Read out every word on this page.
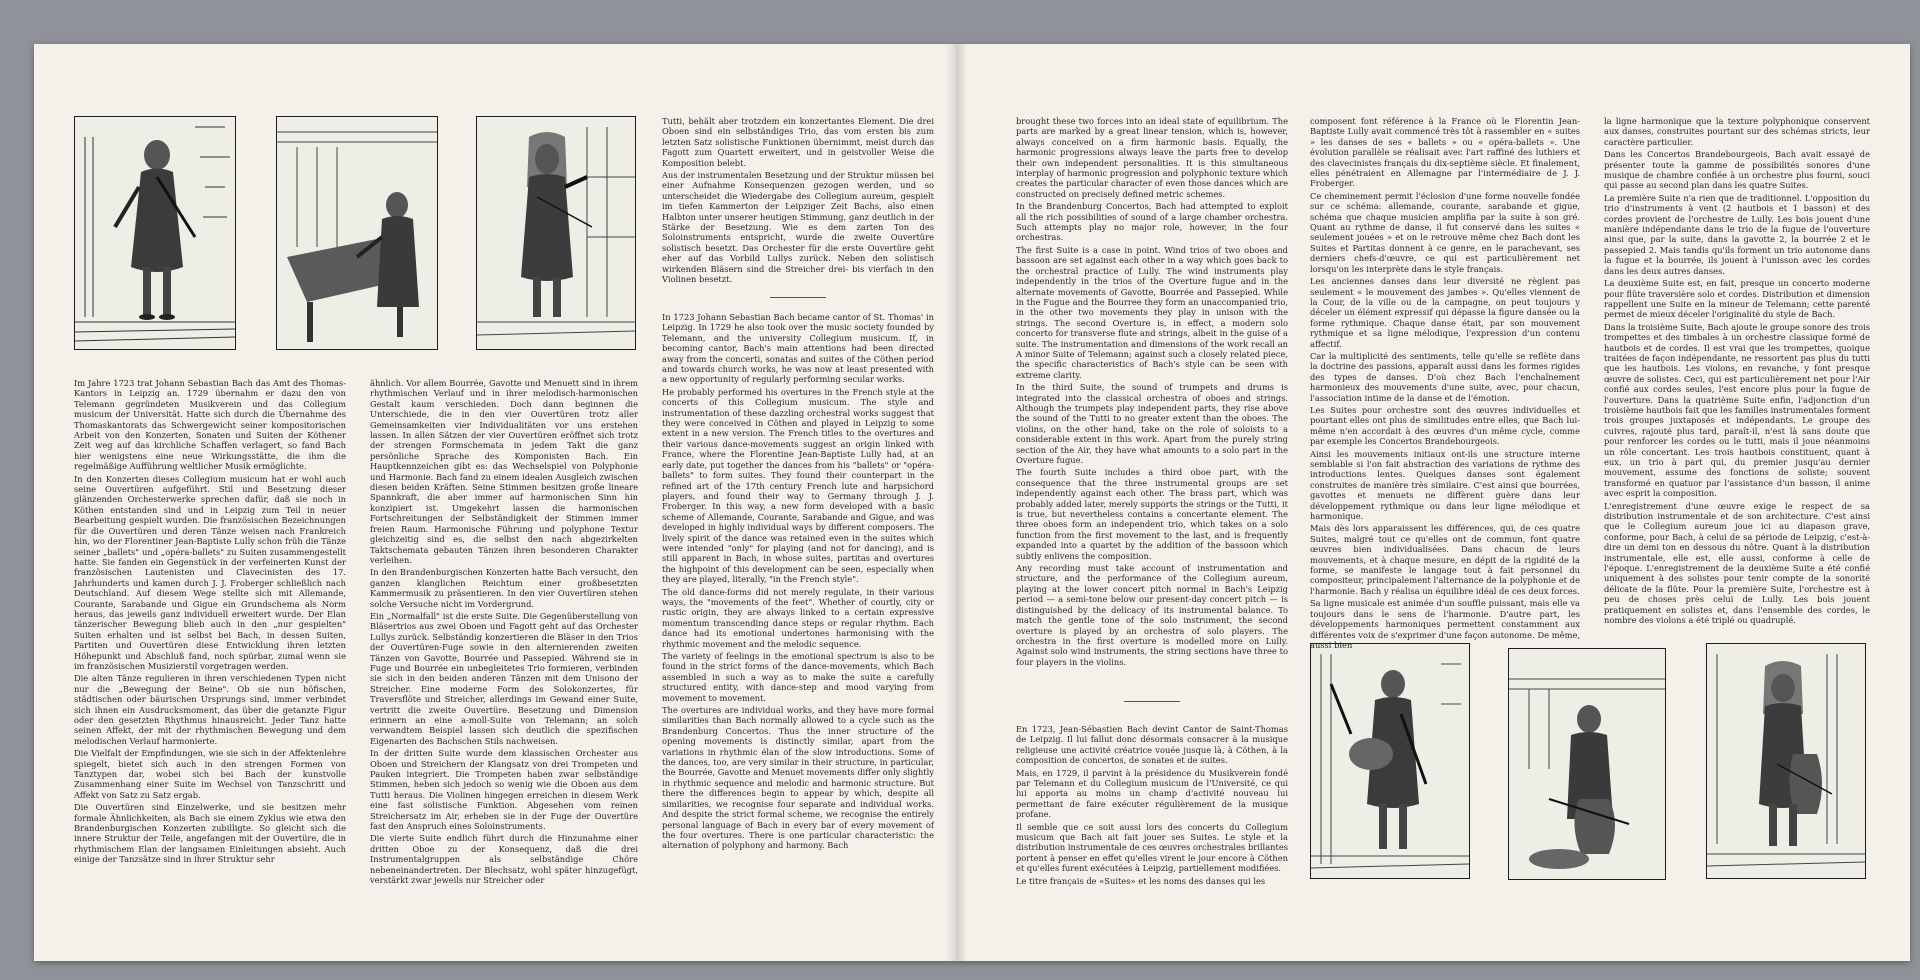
Im Jahre 1723 trat Johann Sebastian Bach das Amt des Thomas-Kantors in Leipzig an. 1729 übernahm er dazu den von Telemann gegründeten Musikverein und das Collegium musicum der Universität. Hatte sich durch die Übernahme des Thomaskantorats das Schwergewicht seiner kompositorischen Arbeit von den Konzerten, Sonaten und Suiten der Köthener Zeit weg auf das kirchliche Schaffen verlagert, so fand Bach hier wenigstens eine neue Wirkungsstätte, die ihm die regelmäßige Aufführung weltlicher Musik ermöglichte.

In den Konzerten dieses Collegium musicum hat er wohl auch seine Ouvertüren aufgeführt. Stil und Besetzung dieser glänzenden Orchesterwerke sprechen dafür, daß sie noch in Köthen entstanden sind und in Leipzig zum Teil in neuer Bearbeitung gespielt wurden. Die französischen Bezeichnungen für die Ouvertüren und deren Tänze weisen nach Frankreich hin, wo der Florentiner Jean-Baptiste Lully schon früh die Tänze seiner „ballets" und „opéra-ballets" zu Suiten zusammengestellt hatte. Sie fanden ein Gegenstück in der verfeinerten Kunst der französischen Lautenisten und Clavecinisten des 17. Jahrhunderts und kamen durch J. J. Froberger schließlich nach Deutschland. Auf diesem Wege stellte sich mit Allemande, Courante, Sarabande und Gigue ein Grundschema als Norm heraus, das jeweils ganz individuell erweitert wurde. Der Elan tänzerischer Bewegung blieb auch in den „nur gespielten" Suiten erhalten und ist selbst bei Bach, in dessen Suiten, Partiten und Ouvertüren diese Entwicklung ihren letzten Höhepunkt und Abschluß fand, noch spürbar, zumal wenn sie im französischen Musizierstil vorgetragen werden.

Die alten Tänze regulieren in ihren verschiedenen Typen nicht nur die „Bewegung der Beine". Ob sie nun höfischen, städtischen oder bäurischen Ursprungs sind, immer verbindet sich ihnen ein Ausdrucksmoment, das über die getanzte Figur oder den gesetzten Rhythmus hinausreicht. Jeder Tanz hatte seinen Affekt, der mit der rhythmischen Bewegung und dem melodischen Verlauf harmonierte.

Die Vielfalt der Empfindungen, wie sie sich in der Affektenlehre spiegelt, bietet sich auch in den strengen Formen von Tanztypen dar, wobei sich bei Bach der kunstvolle Zusammenhang einer Suite im Wechsel von Tanzschritt und Affekt von Satz zu Satz ergab.

Die Ouvertüren sind Einzelwerke, und sie besitzen mehr formale Ähnlichkeiten, als Bach sie einem Zyklus wie etwa den Brandenburgischen Konzerten zubilligte. So gleicht sich die innere Struktur der Teile, angefangen mit der Ouvertüre, die in rhythmischem Elan der langsamen Einleitungen absieht. Auch einige der Tanzsätze sind in ihrer Struktur sehr

ähnlich. Vor allem Bourrée, Gavotte und Menuett sind in ihrem rhythmischen Verlauf und in ihrer melodisch-harmonischen Gestalt kaum verschieden. Doch dann beginnen die Unterschiede, die in den vier Ouvertüren trotz aller Gemeinsamkeiten vier Individualitäten vor uns erstehen lassen. In allen Sätzen der vier Ouvertüren eröffnet sich trotz der strengen Formschemata in jedem Takt die ganz persönliche Sprache des Komponisten Bach. Ein Hauptkennzeichen gibt es: das Wechselspiel von Polyphonie und Harmonie. Bach fand zu einem idealen Ausgleich zwischen diesen beiden Kräften. Seine Stimmen besitzen große lineare Spannkraft, die aber immer auf harmonischen Sinn hin konzipiert ist. Umgekehrt lassen die harmonischen Fortschreitungen der Selbständigkeit der Stimmen immer freien Raum. Harmonische Führung und polyphone Textur gleichzeitig sind es, die selbst den nach abgezirkelten Taktschemata gebauten Tänzen ihren besonderen Charakter verleihen.

In den Brandenburgischen Konzerten hatte Bach versucht, den ganzen klanglichen Reichtum einer großbesetzten Kammermusik zu präsentieren. In den vier Ouvertüren stehen solche Versuche nicht im Vordergrund.

Ein „Normalfall" ist die erste Suite. Die Gegenüberstellung von Bläsertrios aus zwei Oboen und Fagott geht auf das Orchester Lullys zurück. Selbständig konzertieren die Bläser in den Trios der Ouvertüren-Fuge sowie in den alternierenden zweiten Tänzen von Gavotte, Bourrée und Passepied. Während sie in Fuge und Bourrée ein unbegleitetes Trio formieren, verbinden sie sich in den beiden anderen Tänzen mit dem Unisono der Streicher. Eine moderne Form des Solokonzertes, für Traversflöte und Streicher, allerdings im Gewand einer Suite, vertritt die zweite Ouvertüre. Besetzung und Dimension erinnern an eine a-moll-Suite von Telemann; an solch verwandtem Beispiel lassen sich deutlich die spezifischen Eigenarten des Bachschen Stils nachweisen.

In der dritten Suite wurde dem klassischen Orchester aus Oboen und Streichern der Klangsatz von drei Trompeten und Pauken integriert. Die Trompeten haben zwar selbständige Stimmen, heben sich jedoch so wenig wie die Oboen aus dem Tutti heraus. Die Violinen hingegen erreichen in diesem Werk eine fast solistische Funktion. Abgesehen vom reinen Streichersatz im Air, erheben sie in der Fuge der Ouvertüre fast den Anspruch eines Soloinstruments.

Die vierte Suite endlich führt durch die Hinzunahme einer dritten Oboe zu der Konsequenz, daß die drei Instrumentalgruppen als selbständige Chöre nebeneinandertreten. Der Blechsatz, wohl später hinzugefügt, verstärkt zwar jeweils nur Streicher oder

Tutti, behält aber trotzdem ein konzertantes Element. Die drei Oboen sind ein selbständiges Trio, das vom ersten bis zum letzten Satz solistische Funktionen übernimmt, meist durch das Fagott zum Quartett erweitert, und in geistvoller Weise die Komposition belebt.

Aus der instrumentalen Besetzung und der Struktur müssen bei einer Aufnahme Konsequenzen gezogen werden, und so unterscheidet die Wiedergabe des Collegium aureum, gespielt im tiefen Kammerton der Leipziger Zeit Bachs, also einen Halbton unter unserer heutigen Stimmung, ganz deutlich in der Stärke der Besetzung. Wie es dem zarten Ton des Soloinstruments entspricht, wurde die zweite Ouvertüre solistisch besetzt. Das Orchester für die erste Ouvertüre geht eher auf das Vorbild Lullys zurück. Neben den solistisch wirkenden Bläsern sind die Streicher drei- bis vierfach in den Violinen besetzt.

In 1723 Johann Sebastian Bach became cantor of St. Thomas' in Leipzig. In 1729 he also took over the music society founded by Telemann, and the university Collegium musicum. If, in becoming cantor, Bach's main attentions had been directed away from the concerti, sonatas and suites of the Cöthen period and towards church works, he was now at least presented with a new opportunity of regularly performing secular works.

He probably performed his overtures in the French style at the concerts of this Collegium musicum. The style and instrumentation of these dazzling orchestral works suggest that they were conceived in Cöthen and played in Leipzig to some extent in a new version. The French titles to the overtures and their various dance-movements suggest an origin linked with France, where the Florentine Jean-Baptiste Lully had, at an early date, put together the dances from his "ballets" or "opéra-ballets" to form suites. They found their counterpart in the refined art of the 17th century French lute and harpsichord players, and found their way to Germany through J. J. Froberger. In this way, a new form developed with a basic scheme of Allemande, Courante, Sarabande and Gigue, and was developed in highly individual ways by different composers. The lively spirit of the dance was retained even in the suites which were intended "only" for playing (and not for dancing), and is still apparent in Bach, in whose suites, partitas and overtures the highpoint of this development can be seen, especially when they are played, literally, "in the French style".

The old dance-forms did not merely regulate, in their various ways, the "movements of the feet". Whether of courtly, city or rustic origin, they are always linked to a certain expressive momentum transcending dance steps or regular rhythm. Each dance had its emotional undertones harmonising with the rhythmic movement and the melodic sequence.

The variety of feelings in the emotional spectrum is also to be found in the strict forms of the dance-movements, which Bach assembled in such a way as to make the suite a carefully structured entity, with dance-step and mood varying from movement to movement.

The overtures are individual works, and they have more formal similarities than Bach normally allowed to a cycle such as the Brandenburg Concertos. Thus the inner structure of the opening movements is distinctly similar, apart from the variations in rhythmic élan of the slow introductions. Some of the dances, too, are very similar in their structure, in particular, the Bourrée, Gavotte and Menuet movements differ only slightly in rhythmic sequence and melodic and harmonic structure. But there the differences begin to appear by which, despite all similarities, we recognise four separate and individual works. And despite the strict formal scheme, we recognise the entirely personal language of Bach in every bar of every movement of the four overtures. There is one particular characteristic: the alternation of polyphony and harmony. Bach

brought these two forces into an ideal state of equilibrium. The parts are marked by a great linear tension, which is, however, always conceived on a firm harmonic basis. Equally, the harmonic progressions always leave the parts free to develop their own independent personalities. It is this simultaneous interplay of harmonic progression and polyphonic texture which creates the particular character of even those dances which are constructed on precisely defined metric schemes.

In the Brandenburg Concertos, Bach had attempted to exploit all the rich possibilities of sound of a large chamber orchestra. Such attempts play no major role, however, in the four orchestras.

The first Suite is a case in point. Wind trios of two oboes and bassoon are set against each other in a way which goes back to the orchestral practice of Lully. The wind instruments play independently in the trios of the Overture fugue and in the alternate movements of Gavotte, Bourrée and Passepied. While in the Fugue and the Bourree they form an unaccompanied trio, in the other two movements they play in unison with the strings. The second Overture is, in effect, a modern solo concerto for transverse flute and strings, albeit in the guise of a suite. The instrumentation and dimensions of the work recall an A minor Suite of Telemann; against such a closely related piece, the specific characteristics of Bach's style can be seen with extreme clarity.

In the third Suite, the sound of trumpets and drums is integrated into the classical orchestra of oboes and strings. Although the trumpets play independent parts, they rise above the sound of the Tutti to no greater extent than the oboes. The violins, on the other hand, take on the role of soloists to a considerable extent in this work. Apart from the purely string section of the Air, they have what amounts to a solo part in the Overture fugue.

The fourth Suite includes a third oboe part, with the consequence that the three instrumental groups are set independently against each other. The brass part, which was probably added later, merely supports the strings or the Tutti, it is true, but nevertheless contains a concertante element. The three oboes form an independent trio, which takes on a solo function from the first movement to the last, and is frequently expanded into a quartet by the addition of the bassoon which subtly enlivens the composition.

Any recording must take account of instrumentation and structure, and the performance of the Collegium aureum, playing at the lower concert pitch normal in Bach's Leipzig period — a semi-tone below our present-day concert pitch — is distinguished by the delicacy of its instrumental balance. To match the gentle tone of the solo instrument, the second overture is played by an orchestra of solo players. The orchestra in the first overture is modelled more on Lully. Against solo wind instruments, the string sections have three to four players in the violins.

En 1723, Jean-Sébastien Bach devint Cantor de Saint-Thomas de Leipzig. Il lui fallut donc désormais consacrer à la musique religieuse une activité créatrice vouée jusque là, à Cöthen, à la composition de concertos, de sonates et de suites.

Mais, en 1729, il parvint à la présidence du Musikverein fondé par Telemann et du Collegium musicum de l'Université, ce qui lui apporta au moins un champ d'activité nouveau lui permettant de faire exécuter régulièrement de la musique profane.

Il semble que ce soit aussi lors des concerts du Collegium musicum que Bach ait fait jouer ses Suites. Le style et la distribution instrumentale de ces œuvres orchestrales brillantes portent à penser en effet qu'elles virent le jour encore à Cöthen et qu'elles furent exécutées à Leipzig, partiellement modifiées.

Le titre français de «Suites» et les noms des danses qui les

composent font référence à la France où le Florentin Jean-Baptiste Lully avait commencé très tôt à rassembler en « suites » les danses de ses « ballets » ou « opéra-ballets ». Une évolution parallèle se réalisait avec l'art raffiné des luthiers et des clavecinistes français du dix-septième siècle. Et finalement, elles pénétraient en Allemagne par l'intermédiaire de J. J. Froberger.

Ce cheminement permit l'éclosion d'une forme nouvelle fondée sur ce schéma: allemande, courante, sarabande et gigue, schéma que chaque musicien amplifia par la suite à son gré. Quant au rythme de danse, il fut conservé dans les suites « seulement jouées » et on le retrouve même chez Bach dont les Suites et Partitas donnent à ce genre, en le parachevant, ses derniers chefs-d'œuvre, ce qui est particulièrement net lorsqu'on les interprète dans le style français.

Les anciennes danses dans leur diversité ne règlent pas seulement « le mouvement des jambes ». Qu'elles viennent de la Cour, de la ville ou de la campagne, on peut toujours y déceler un élément expressif qui dépasse la figure dansée ou la forme rythmique. Chaque danse était, par son mouvement rythmique et sa ligne mélodique, l'expression d'un contenu affectif.

Car la multiplicité des sentiments, telle qu'elle se reflète dans la doctrine des passions, apparaît aussi dans les formes rigides des types de danses. D'où chez Bach l'enchaînement harmonieux des mouvements d'une suite, avec, pour chacun, l'association intime de la danse et de l'émotion.

Les Suites pour orchestre sont des œuvres individuelles et pourtant elles ont plus de similitudes entre elles, que Bach lui-même n'en accordait à des œuvres d'un même cycle, comme par exemple les Concertos Brandebourgeois.

Ainsi les mouvements initiaux ont-ils une structure interne semblable si l'on fait abstraction des variations de rythme des introductions lentes. Quelques danses sont également construites de manière très similaire. C'est ainsi que bourrées, gavottes et menuets ne diffèrent guère dans leur développement rythmique ou dans leur ligne mélodique et harmonique.

Mais dès lors apparaissent les différences, qui, de ces quatre Suites, malgré tout ce qu'elles ont de commun, font quatre œuvres bien individualisées. Dans chacun de leurs mouvements, et à chaque mesure, en dépit de la rigidité de la forme, se manifeste le langage tout à fait personnel du compositeur, principalement l'alternance de la polyphonie et de l'harmonie. Bach y réalisa un équilibre idéal de ces deux forces.

Sa ligne musicale est animée d'un souffle puissant, mais elle va toujours dans le sens de l'harmonie. D'autre part, les développements harmoniques permettent constamment aux différentes voix de s'exprimer d'une façon autonome. De même, aussi bien

la ligne harmonique que la texture polyphonique conservent aux danses, construites pourtant sur des schémas stricts, leur caractère particulier.

Dans les Concertos Brandebourgeois, Bach avait essayé de présenter toute la gamme de possibilités sonores d'une musique de chambre confiée à un orchestre plus fourni, souci qui passe au second plan dans les quatre Suites.

La première Suite n'a rien que de traditionnel. L'opposition du trio d'instruments à vent (2 hautbois et 1 basson) et des cordes provient de l'orchestre de Lully. Les bois jouent d'une manière indépendante dans le trio de la fugue de l'ouverture ainsi que, par la suite, dans la gavotte 2, la bourrée 2 et le passepied 2. Mais tandis qu'ils forment un trio autonome dans la fugue et la bourrée, ils jouent à l'unisson avec les cordes dans les deux autres danses.

La deuxième Suite est, en fait, presque un concerto moderne pour flûte traversière solo et cordes. Distribution et dimension rappellent une Suite en la mineur de Telemann; cette parenté permet de mieux déceler l'originalité du style de Bach.

Dans la troisième Suite, Bach ajoute le groupe sonore des trois trompettes et des timbales à un orchestre classique formé de hautbois et de cordes. Il est vrai que les trompettes, quoique traitées de façon indépendante, ne ressortent pas plus du tutti que les hautbois. Les violons, en revanche, y font presque œuvre de solistes. Ceci, qui est particulièrement net pour l'Air confié aux cordes seules, l'est encore plus pour la fugue de l'ouverture. Dans la quatrième Suite enfin, l'adjonction d'un troisième hautbois fait que les familles instrumentales forment trois groupes juxtaposés et indépendants. Le groupe des cuivres, rajouté plus tard, paraît-il, n'est là sans doute que pour renforcer les cordes ou le tutti, mais il joue néanmoins un rôle concertant. Les trois hautbois constituent, quant à eux, un trio à part qui, du premier jusqu'au dernier mouvement, assume des fonctions de soliste; souvent transformé en quatuor par l'assistance d'un basson, il anime avec esprit la composition.

L'enregistrement d'une œuvre exige le respect de sa distribution instrumentale et de son architecture. C'est ainsi que le Collegium aureum joue ici au diapason grave, conforme, pour Bach, à celui de sa période de Leipzig, c'est-à-dire un demi ton en dessous du nôtre. Quant à la distribution instrumentale, elle est, elle aussi, conforme à celle de l'époque. L'enregistrement de la deuxième Suite a été confié uniquement à des solistes pour tenir compte de la sonorité délicate de la flûte. Pour la première Suite, l'orchestre est à peu de choses près celui de Lully. Les bois jouent pratiquement en solistes et, dans l'ensemble des cordes, le nombre des violons a été triplé ou quadruplé.
